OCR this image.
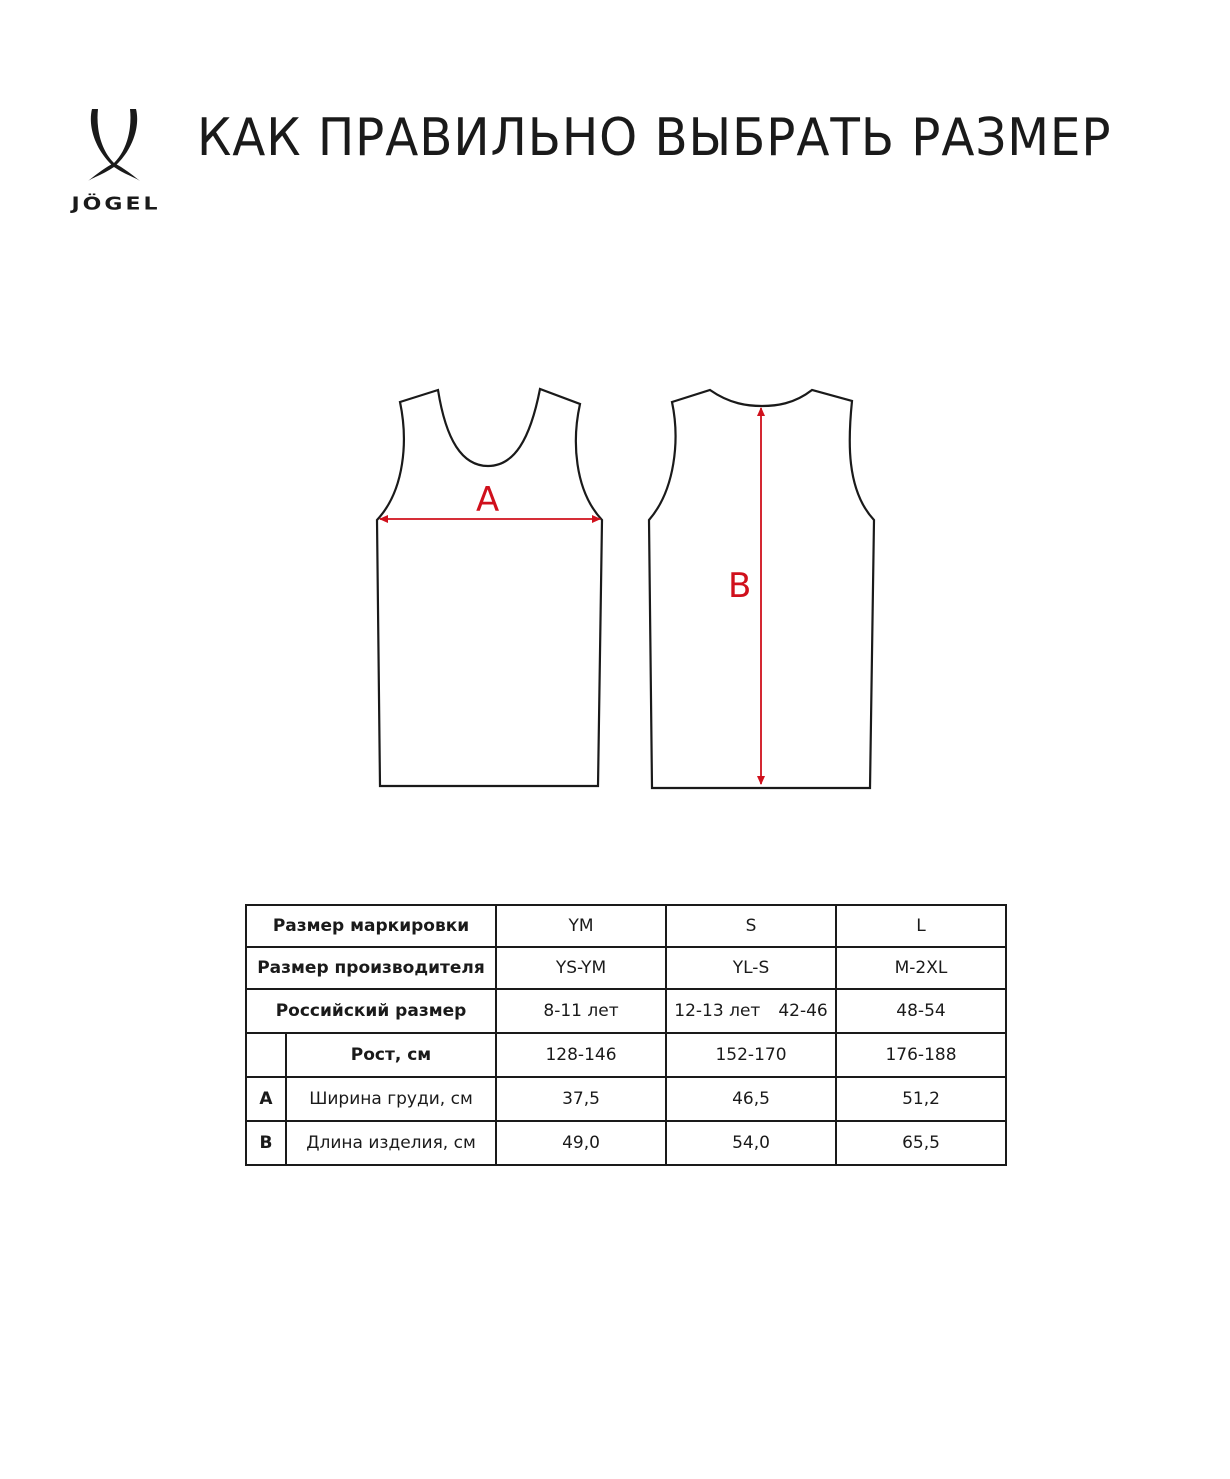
JÖGEL
КАК ПРАВИЛЬНО ВЫБРАТЬ РАЗМЕР
A
B
Размер маркировки		YM	S	L
Размер производителя		YS-YM	YL-S	M-2XL
Российский размер		8-11 лет	12-13 лет 42-46	48-54
	Рост, см	128-146	152-170	176-188
A	Ширина груди, см	37,5	46,5	51,2
B	Длина изделия, см	49,0	54,0	65,5
